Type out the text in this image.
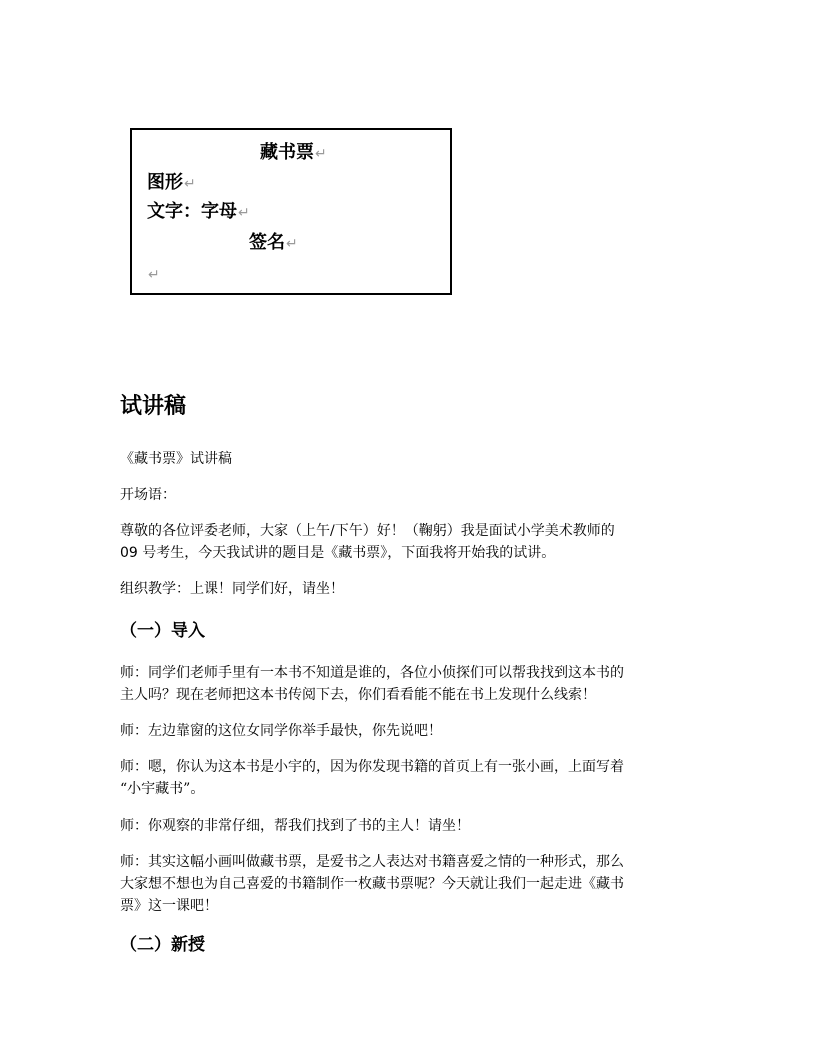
藏书票↵
图形↵
文字：字母↵
签名↵
↵
试讲稿
《藏书票》试讲稿
开场语：
尊敬的各位评委老师，大家（上午/下午）好！（鞠躬）我是面试小学美术教师的
09 号考生，今天我试讲的题目是《藏书票》，下面我将开始我的试讲。
组织教学：上课！同学们好，请坐！
（一）导入
师：同学们老师手里有一本书不知道是谁的，各位小侦探们可以帮我找到这本书的
主人吗？现在老师把这本书传阅下去，你们看看能不能在书上发现什么线索！
师：左边靠窗的这位女同学你举手最快，你先说吧！
师：嗯，你认为这本书是小宇的，因为你发现书籍的首页上有一张小画，上面写着
“小宇藏书”。
师：你观察的非常仔细，帮我们找到了书的主人！请坐！
师：其实这幅小画叫做藏书票，是爱书之人表达对书籍喜爱之情的一种形式，那么
大家想不想也为自己喜爱的书籍制作一枚藏书票呢？今天就让我们一起走进《藏书
票》这一课吧！
（二）新授
